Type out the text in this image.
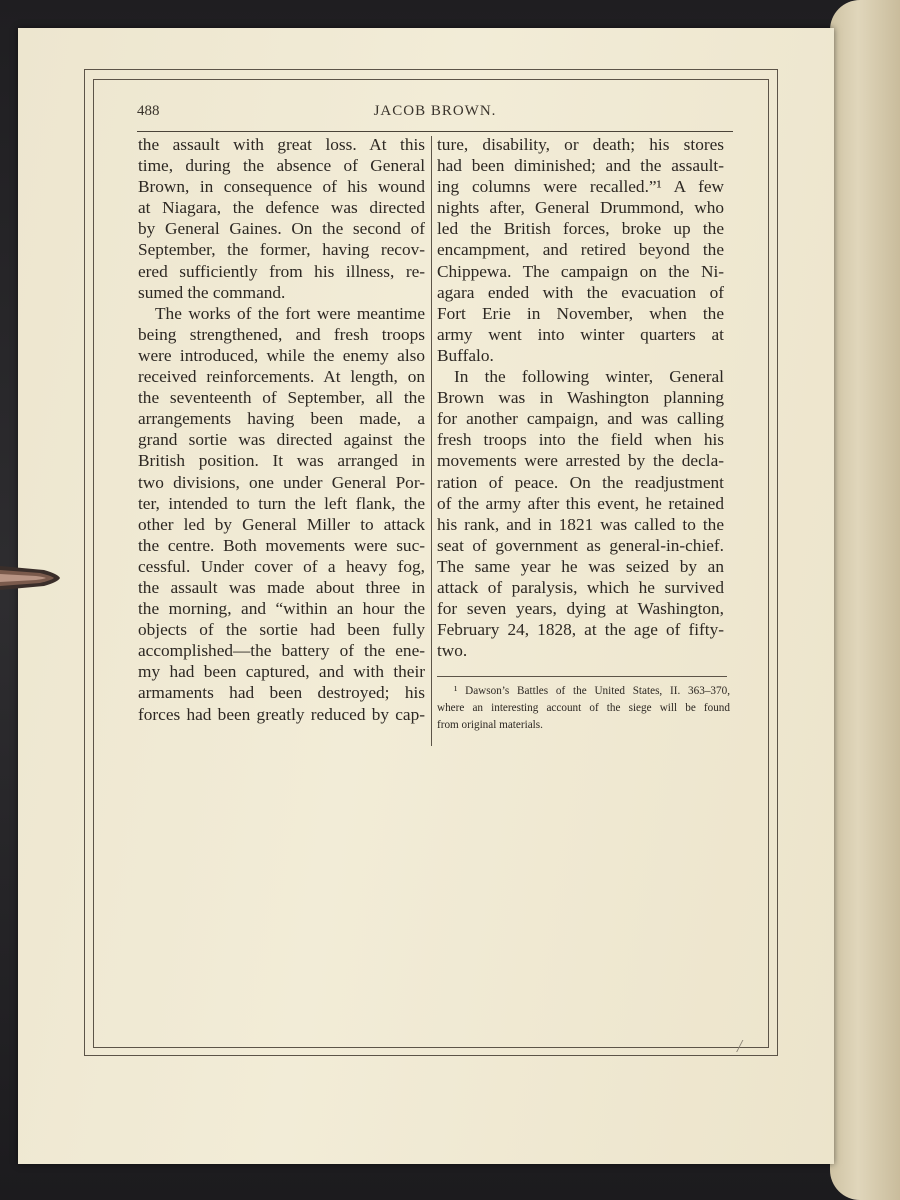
488	JACOB BROWN.
the assault with great loss. At this
time, during the absence of General
Brown, in consequence of his wound
at Niagara, the defence was directed
by General Gaines. On the second of
September, the former, having recov-
ered sufficiently from his illness, re-
sumed the command.
The works of the fort were meantime
being strengthened, and fresh troops
were introduced, while the enemy also
received reinforcements. At length, on
the seventeenth of September, all the
arrangements having been made, a
grand sortie was directed against the
British position. It was arranged in
two divisions, one under General Por-
ter, intended to turn the left flank, the
other led by General Miller to attack
the centre. Both movements were suc-
cessful. Under cover of a heavy fog,
the assault was made about three in
the morning, and “within an hour the
objects of the sortie had been fully
accomplished—the battery of the ene-
my had been captured, and with their
armaments had been destroyed; his
forces had been greatly reduced by cap-
ture, disability, or death; his stores
had been diminished; and the assault-
ing columns were recalled.”¹ A few
nights after, General Drummond, who
led the British forces, broke up the
encampment, and retired beyond the
Chippewa. The campaign on the Ni-
agara ended with the evacuation of
Fort Erie in November, when the
army went into winter quarters at
Buffalo.
In the following winter, General
Brown was in Washington planning
for another campaign, and was calling
fresh troops into the field when his
movements were arrested by the decla-
ration of peace. On the readjustment
of the army after this event, he retained
his rank, and in 1821 was called to the
seat of government as general-in-chief.
The same year he was seized by an
attack of paralysis, which he survived
for seven years, dying at Washington,
February 24, 1828, at the age of fifty-
two.
¹ Dawson’s Battles of the United States, II. 363–370,
where an interesting account of the siege will be found
from original materials.
/
